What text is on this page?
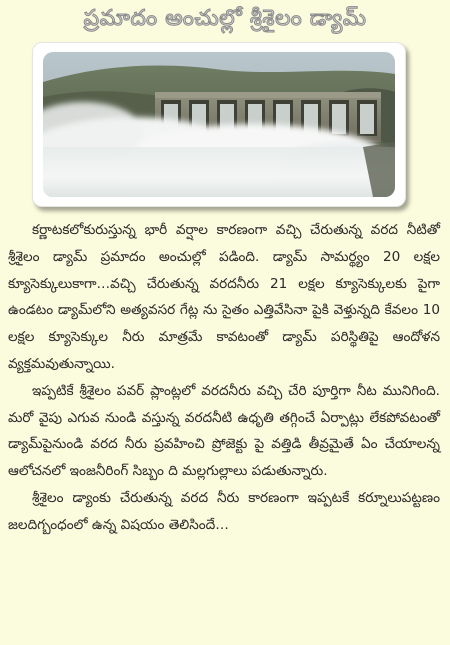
ప్రమాదం అంచుల్లో శ్రీశైలం డ్యామ్

కర్ణాటకలోకురుస్తున్న భారీ వర్షాల కారణంగా వచ్చి చేరుతున్న వరద నీటితో శ్రీశైలం డ్యామ్ ప్రమాదం అంచుల్లో పడింది. డ్యామ్ సామర్థ్యం 20 లక్షల క్యూసెక్కులుకాగా…వచ్చి చేరుతున్న వరదనీరు 21 లక్షల క్యూసెక్కులకు పైగా ఉండటం డ్యామ్‌లోని అత్యవసర గేట్ల ను సైతం ఎత్తివేసినా పైకి వెళ్తున్నది కేవలం 10 లక్షల క్యూసెక్కుల నీరు మాత్రమే కావటంతో డ్యామ్ పరిస్థితిపై ఆందోళన వ్యక్తమవుతున్నాయి.

ఇప్పటికే శ్రీశైలం పవర్ ప్లాంట్లలో వరదనీరు వచ్చి చేరి పూర్తిగా నీట మునిగింది. మరో వైపు ఎగువ నుండి వస్తున్న వరదనీటి ఉధృతి తగ్గించే ఏర్పాట్లు లేకపోవటంతో డ్యామ్‌పైనుండి వరద నీరు ప్రవహించి ప్రోజెక్టు పై వత్తిడి తీవ్రమైతే ఏం చేయాలన్న ఆలోచనలో ఇంజనీరింగ్ సిబ్బం ది మల్లగుల్లాలు పడుతున్నారు.

శ్రీశైలం డ్యాంకు చేరుతున్న వరద నీరు కారణంగా ఇప్పటకే కర్నూలుపట్టణం జలదిగ్బంధంలో ఉన్న విషయం తెలిసిందే…
